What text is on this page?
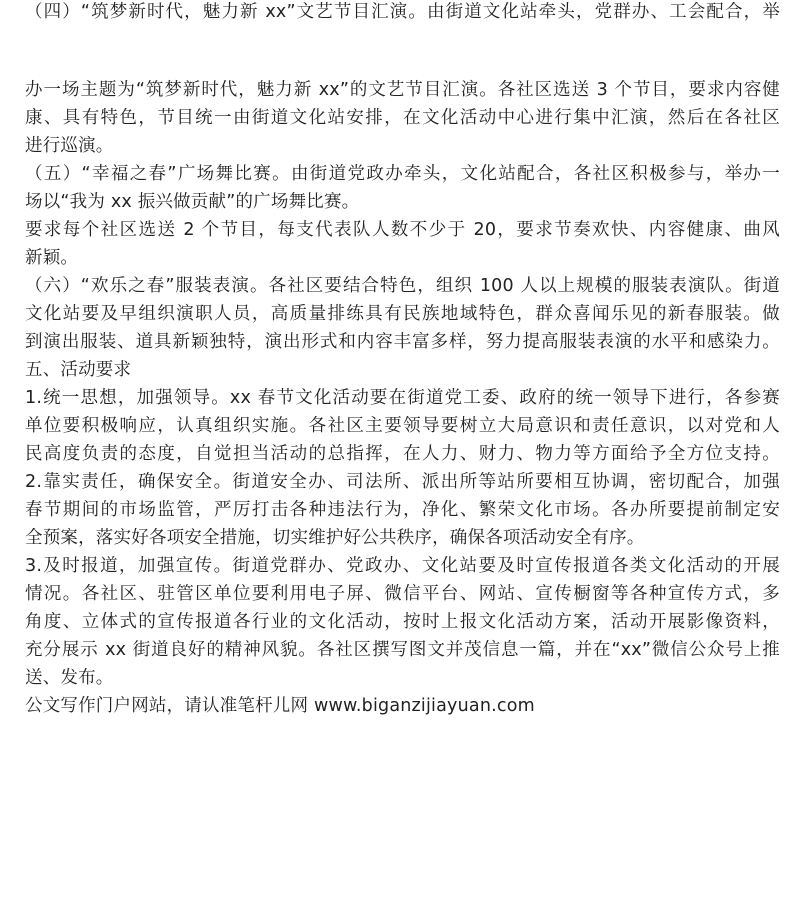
（四）“筑梦新时代，魅力新 xx”文艺节目汇演。由街道文化站牵头，党群办、工会配合，举
办一场主题为“筑梦新时代，魅力新 xx”的文艺节目汇演。各社区选送 3 个节目，要求内容健
康、具有特色，节目统一由街道文化站安排，在文化活动中心进行集中汇演，然后在各社区
进行巡演。
（五）“幸福之春”广场舞比赛。由街道党政办牵头，文化站配合，各社区积极参与，举办一
场以“我为 xx 振兴做贡献”的广场舞比赛。
要求每个社区选送 2 个节目，每支代表队人数不少于 20，要求节奏欢快、内容健康、曲风
新颖。
（六）“欢乐之春”服装表演。各社区要结合特色，组织 100 人以上规模的服装表演队。街道
文化站要及早组织演职人员，高质量排练具有民族地域特色，群众喜闻乐见的新春服装。做
到演出服装、道具新颖独特，演出形式和内容丰富多样，努力提高服装表演的水平和感染力。
五、活动要求
1.统一思想，加强领导。xx 春节文化活动要在街道党工委、政府的统一领导下进行，各参赛
单位要积极响应，认真组织实施。各社区主要领导要树立大局意识和责任意识，以对党和人
民高度负责的态度，自觉担当活动的总指挥，在人力、财力、物力等方面给予全方位支持。
2.靠实责任，确保安全。街道安全办、司法所、派出所等站所要相互协调，密切配合，加强
春节期间的市场监管，严厉打击各种违法行为，净化、繁荣文化市场。各办所要提前制定安
全预案，落实好各项安全措施，切实维护好公共秩序，确保各项活动安全有序。
3.及时报道，加强宣传。街道党群办、党政办、文化站要及时宣传报道各类文化活动的开展
情况。各社区、驻管区单位要利用电子屏、微信平台、网站、宣传橱窗等各种宣传方式，多
角度、立体式的宣传报道各行业的文化活动，按时上报文化活动方案，活动开展影像资料，
充分展示 xx 街道良好的精神风貌。各社区撰写图文并茂信息一篇，并在“xx”微信公众号上推
送、发布。
公文写作门户网站，请认准笔杆儿网 www.biganzijiayuan.com
